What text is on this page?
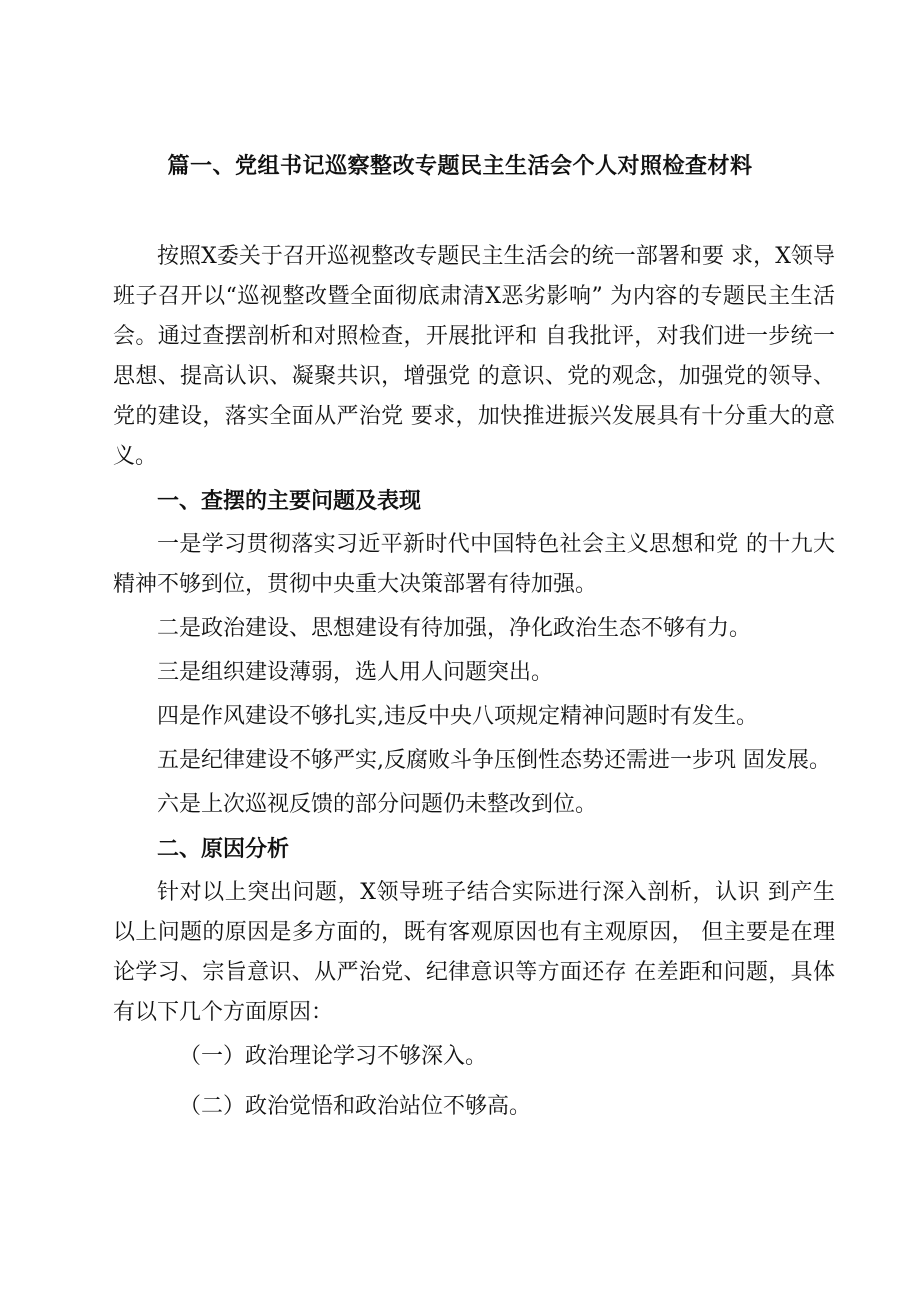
篇一、党组书记巡察整改专题民主生活会个人对照检查材料

按照X委关于召开巡视整改专题民主生活会的统一部署和要 求，X领导班子召开以“巡视整改暨全面彻底肃清X恶劣影响” 为内容的专题民主生活会。通过查摆剖析和对照检查，开展批评和 自我批评，对我们进一步统一思想、提高认识、凝聚共识，增强党 的意识、党的观念，加强党的领导、党的建设，落实全面从严治党 要求，加快推进振兴发展具有十分重大的意义。

一、查摆的主要问题及表现

一是学习贯彻落实习近平新时代中国特色社会主义思想和党 的十九大精神不够到位，贯彻中央重大决策部署有待加强。

二是政治建设、思想建设有待加强，净化政治生态不够有力。

三是组织建设薄弱，选人用人问题突出。

四是作风建设不够扎实,违反中央八项规定精神问题时有发生。

五是纪律建设不够严实,反腐败斗争压倒性态势还需进一步巩 固发展。

六是上次巡视反馈的部分问题仍未整改到位。

二、原因分析

针对以上突出问题，X领导班子结合实际进行深入剖析，认识 到产生以上问题的原因是多方面的，既有客观原因也有主观原因， 但主要是在理论学习、宗旨意识、从严治党、纪律意识等方面还存 在差距和问题，具体有以下几个方面原因：

（一）政治理论学习不够深入。
（二）政治觉悟和政治站位不够高。
